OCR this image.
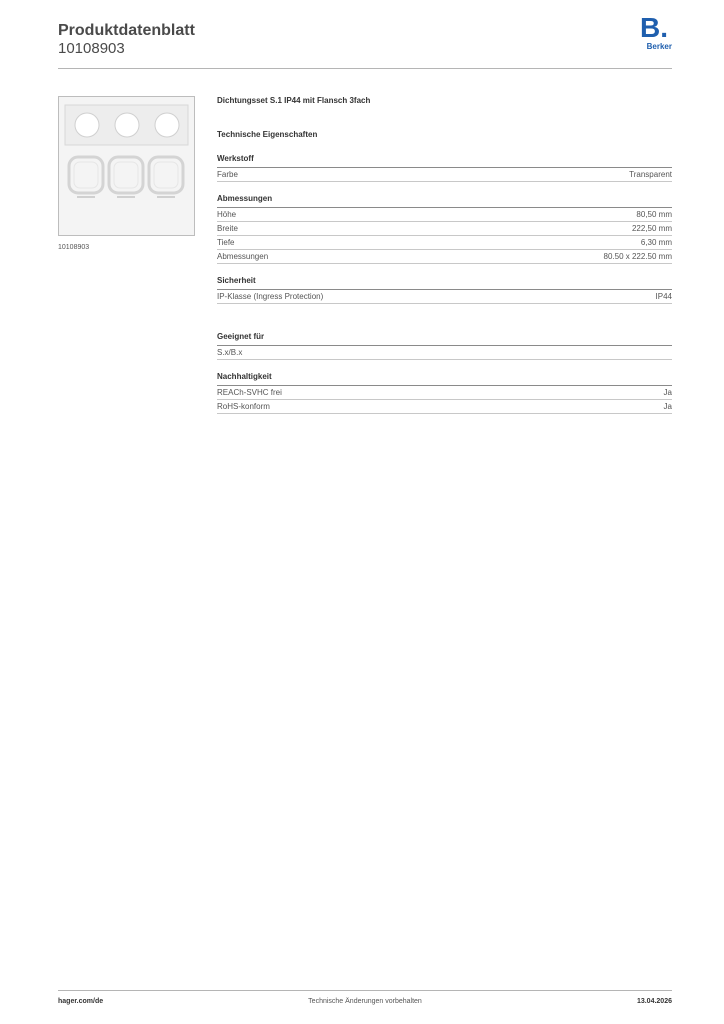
Produktdatenblatt
10108903
B.
Berker
10108903
Dichtungsset S.1 IP44 mit Flansch 3fach
Technische Eigenschaften
Werkstoff
Farbe	Transparent
Abmessungen
Höhe	80,50 mm
Breite	222,50 mm
Tiefe	6,30 mm
Abmessungen	80.50 x 222.50 mm
Sicherheit
IP-Klasse (Ingress Protection)	IP44
Geeignet für
S.x/B.x
Nachhaltigkeit
REACh-SVHC frei	Ja
RoHS-konform	Ja
Technische Änderungen vorbehalten
hager.com/de	13.04.2026
